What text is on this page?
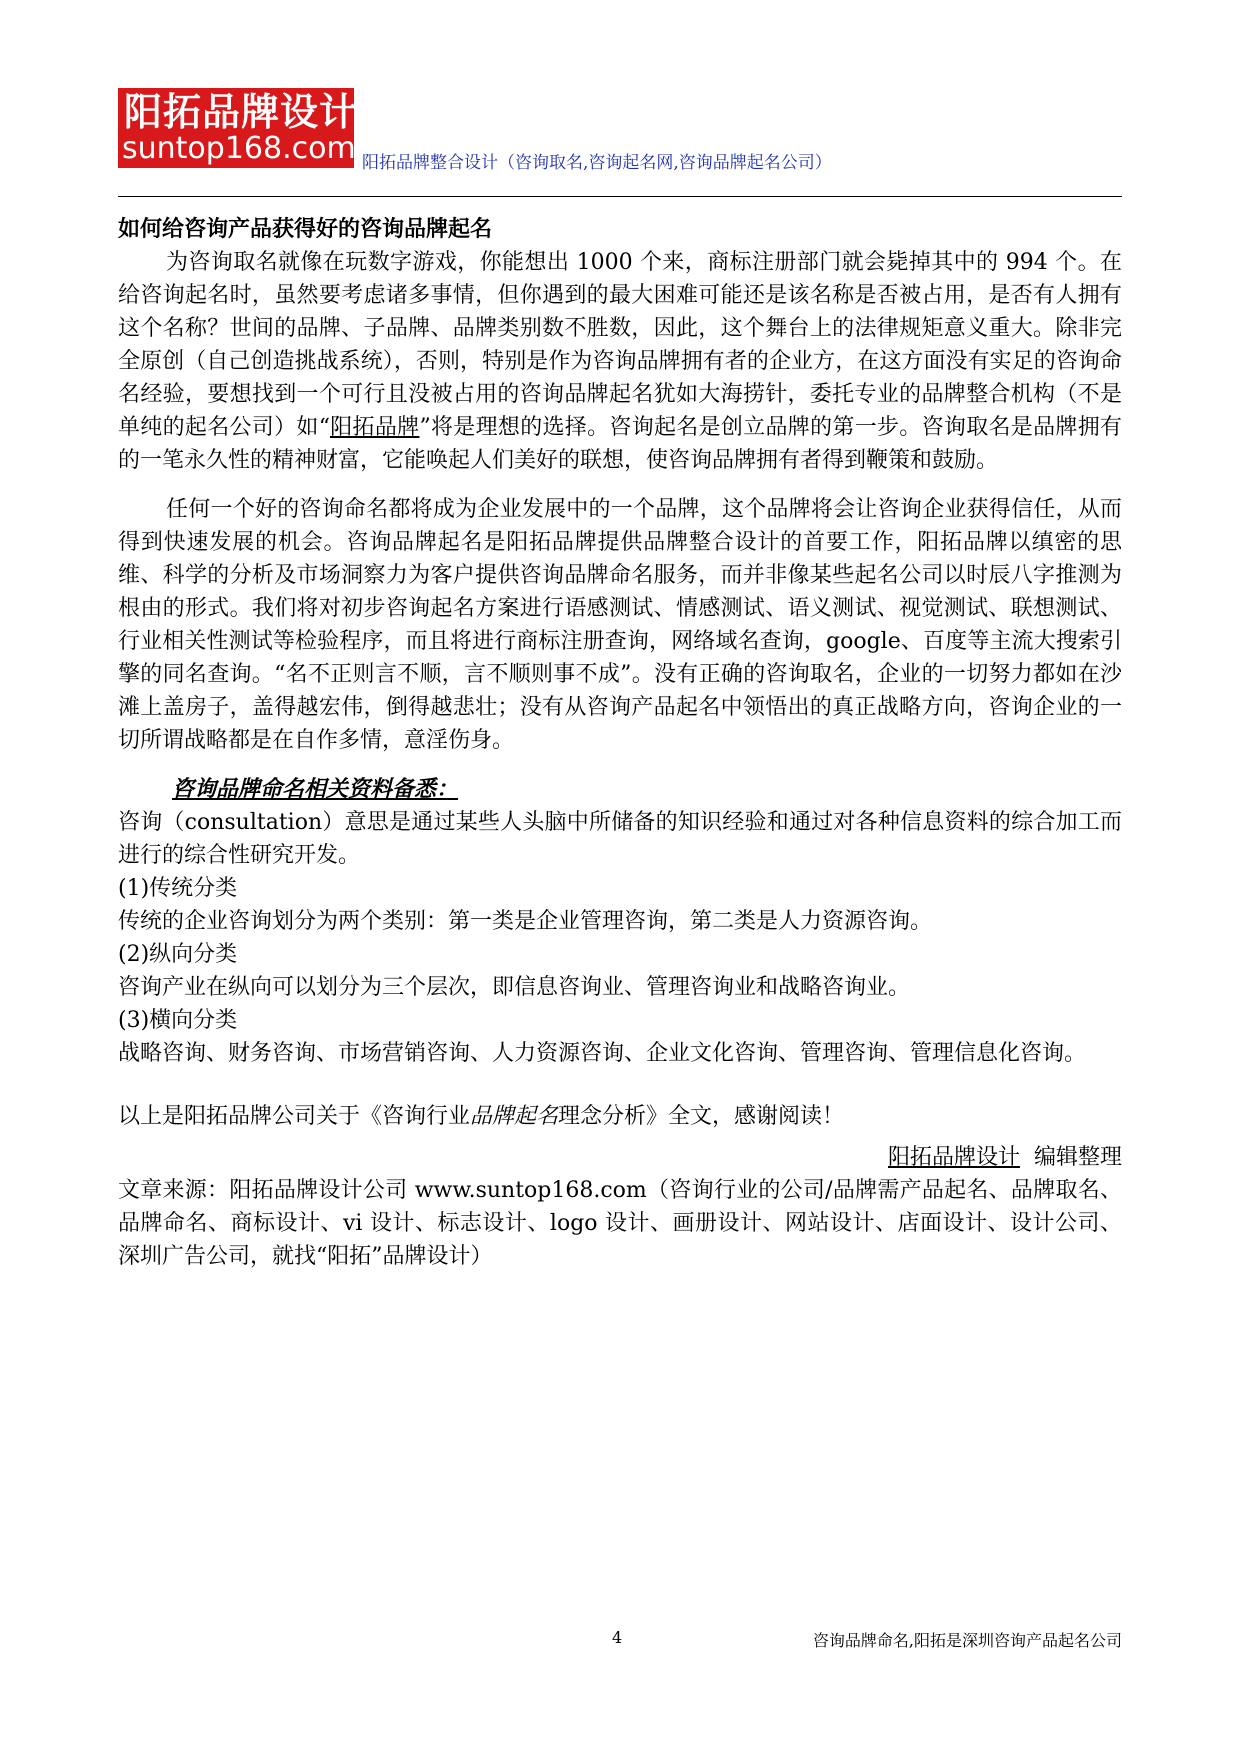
阳拓品牌设计
suntop168.com 阳拓品牌整合设计（咨询取名,咨询起名网,咨询品牌起名公司）

如何给咨询产品获得好的咨询品牌起名

为咨询取名就像在玩数字游戏，你能想出 1000 个来，商标注册部门就会毙掉其中的 994 个。在给咨询起名时，虽然要考虑诸多事情，但你遇到的最大困难可能还是该名称是否被占用，是否有人拥有这个名称？世间的品牌、子品牌、品牌类别数不胜数，因此，这个舞台上的法律规矩意义重大。除非完全原创（自己创造挑战系统），否则，特别是作为咨询品牌拥有者的企业方，在这方面没有实足的咨询命名经验，要想找到一个可行且没被占用的咨询品牌起名犹如大海捞针，委托专业的品牌整合机构（不是单纯的起名公司）如“阳拓品牌”将是理想的选择。咨询起名是创立品牌的第一步。咨询取名是品牌拥有的一笔永久性的精神财富，它能唤起人们美好的联想，使咨询品牌拥有者得到鞭策和鼓励。

任何一个好的咨询命名都将成为企业发展中的一个品牌，这个品牌将会让咨询企业获得信任，从而得到快速发展的机会。咨询品牌起名是阳拓品牌提供品牌整合设计的首要工作，阳拓品牌以缜密的思维、科学的分析及市场洞察力为客户提供咨询品牌命名服务，而并非像某些起名公司以时辰八字推测为根由的形式。我们将对初步咨询起名方案进行语感测试、情感测试、语义测试、视觉测试、联想测试、行业相关性测试等检验程序，而且将进行商标注册查询，网络域名查询，google、百度等主流大搜索引擎的同名查询。“名不正则言不顺，言不顺则事不成”。没有正确的咨询取名，企业的一切努力都如在沙滩上盖房子，盖得越宏伟，倒得越悲壮；没有从咨询产品起名中领悟出的真正战略方向，咨询企业的一切所谓战略都是在自作多情，意淫伤身。

咨询品牌命名相关资料备悉：

咨询（consultation）意思是通过某些人头脑中所储备的知识经验和通过对各种信息资料的综合加工而进行的综合性研究开发。

(1)传统分类

传统的企业咨询划分为两个类别：第一类是企业管理咨询，第二类是人力资源咨询。

(2)纵向分类

咨询产业在纵向可以划分为三个层次，即信息咨询业、管理咨询业和战略咨询业。

(3)横向分类

战略咨询、财务咨询、市场营销咨询、人力资源咨询、企业文化咨询、管理咨询、管理信息化咨询。

以上是阳拓品牌公司关于《咨询行业品牌起名理念分析》全文，感谢阅读！

阳拓品牌设计  编辑整理

文章来源：阳拓品牌设计公司 www.suntop168.com（咨询行业的公司/品牌需产品起名、品牌取名、品牌命名、商标设计、vi 设计、标志设计、logo 设计、画册设计、网站设计、店面设计、设计公司、深圳广告公司，就找“阳拓”品牌设计）

4	咨询品牌命名,阳拓是深圳咨询产品起名公司
